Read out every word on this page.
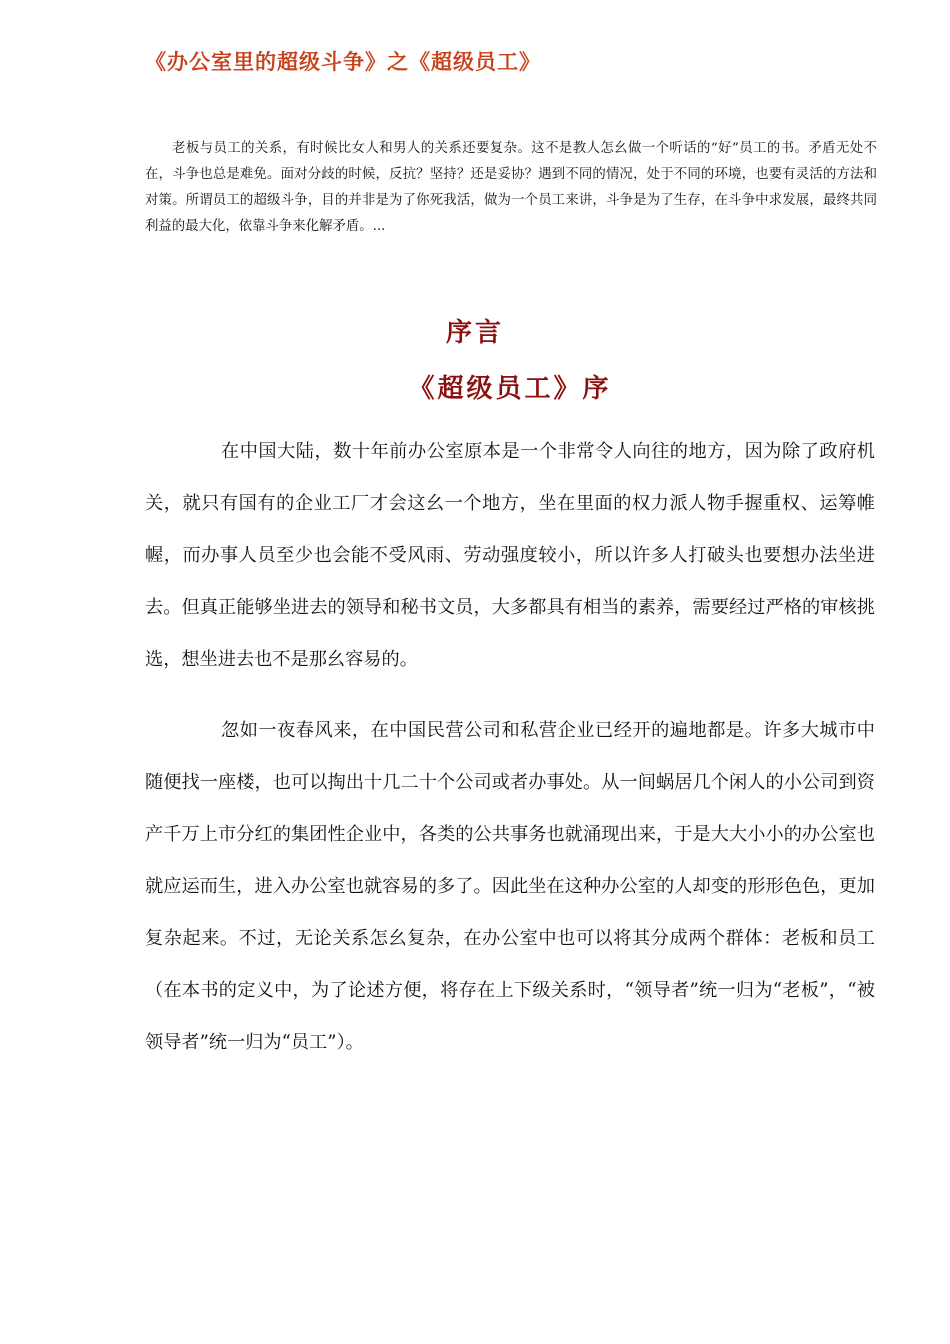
《办公室里的超级斗争》之《超级员工》

老板与员工的关系，有时候比女人和男人的关系还要复杂。这不是教人怎幺做一个听话的“好”员工的书。矛盾无处不在，斗争也总是难免。面对分歧的时候，反抗？坚持？还是妥协？遇到不同的情况，处于不同的环境，也要有灵活的方法和对策。所谓员工的超级斗争，目的并非是为了你死我活，做为一个员工来讲，斗争是为了生存，在斗争中求发展，最终共同利益的最大化，依靠斗争来化解矛盾。...

序言
《超级员工》序

在中国大陆，数十年前办公室原本是一个非常令人向往的地方，因为除了政府机关，就只有国有的企业工厂才会这幺一个地方，坐在里面的权力派人物手握重权、运筹帷幄，而办事人员至少也会能不受风雨、劳动强度较小，所以许多人打破头也要想办法坐进去。但真正能够坐进去的领导和秘书文员，大多都具有相当的素养，需要经过严格的审核挑选，想坐进去也不是那幺容易的。

忽如一夜春风来，在中国民营公司和私营企业已经开的遍地都是。许多大城市中随便找一座楼，也可以掏出十几二十个公司或者办事处。从一间蜗居几个闲人的小公司到资产千万上市分红的集团性企业中，各类的公共事务也就涌现出来，于是大大小小的办公室也就应运而生，进入办公室也就容易的多了。因此坐在这种办公室的人却变的形形色色，更加复杂起来。不过，无论关系怎幺复杂，在办公室中也可以将其分成两个群体：老板和员工（在本书的定义中，为了论述方便，将存在上下级关系时，“领导者”统一归为“老板”，“被领导者”统一归为“员工”）。
